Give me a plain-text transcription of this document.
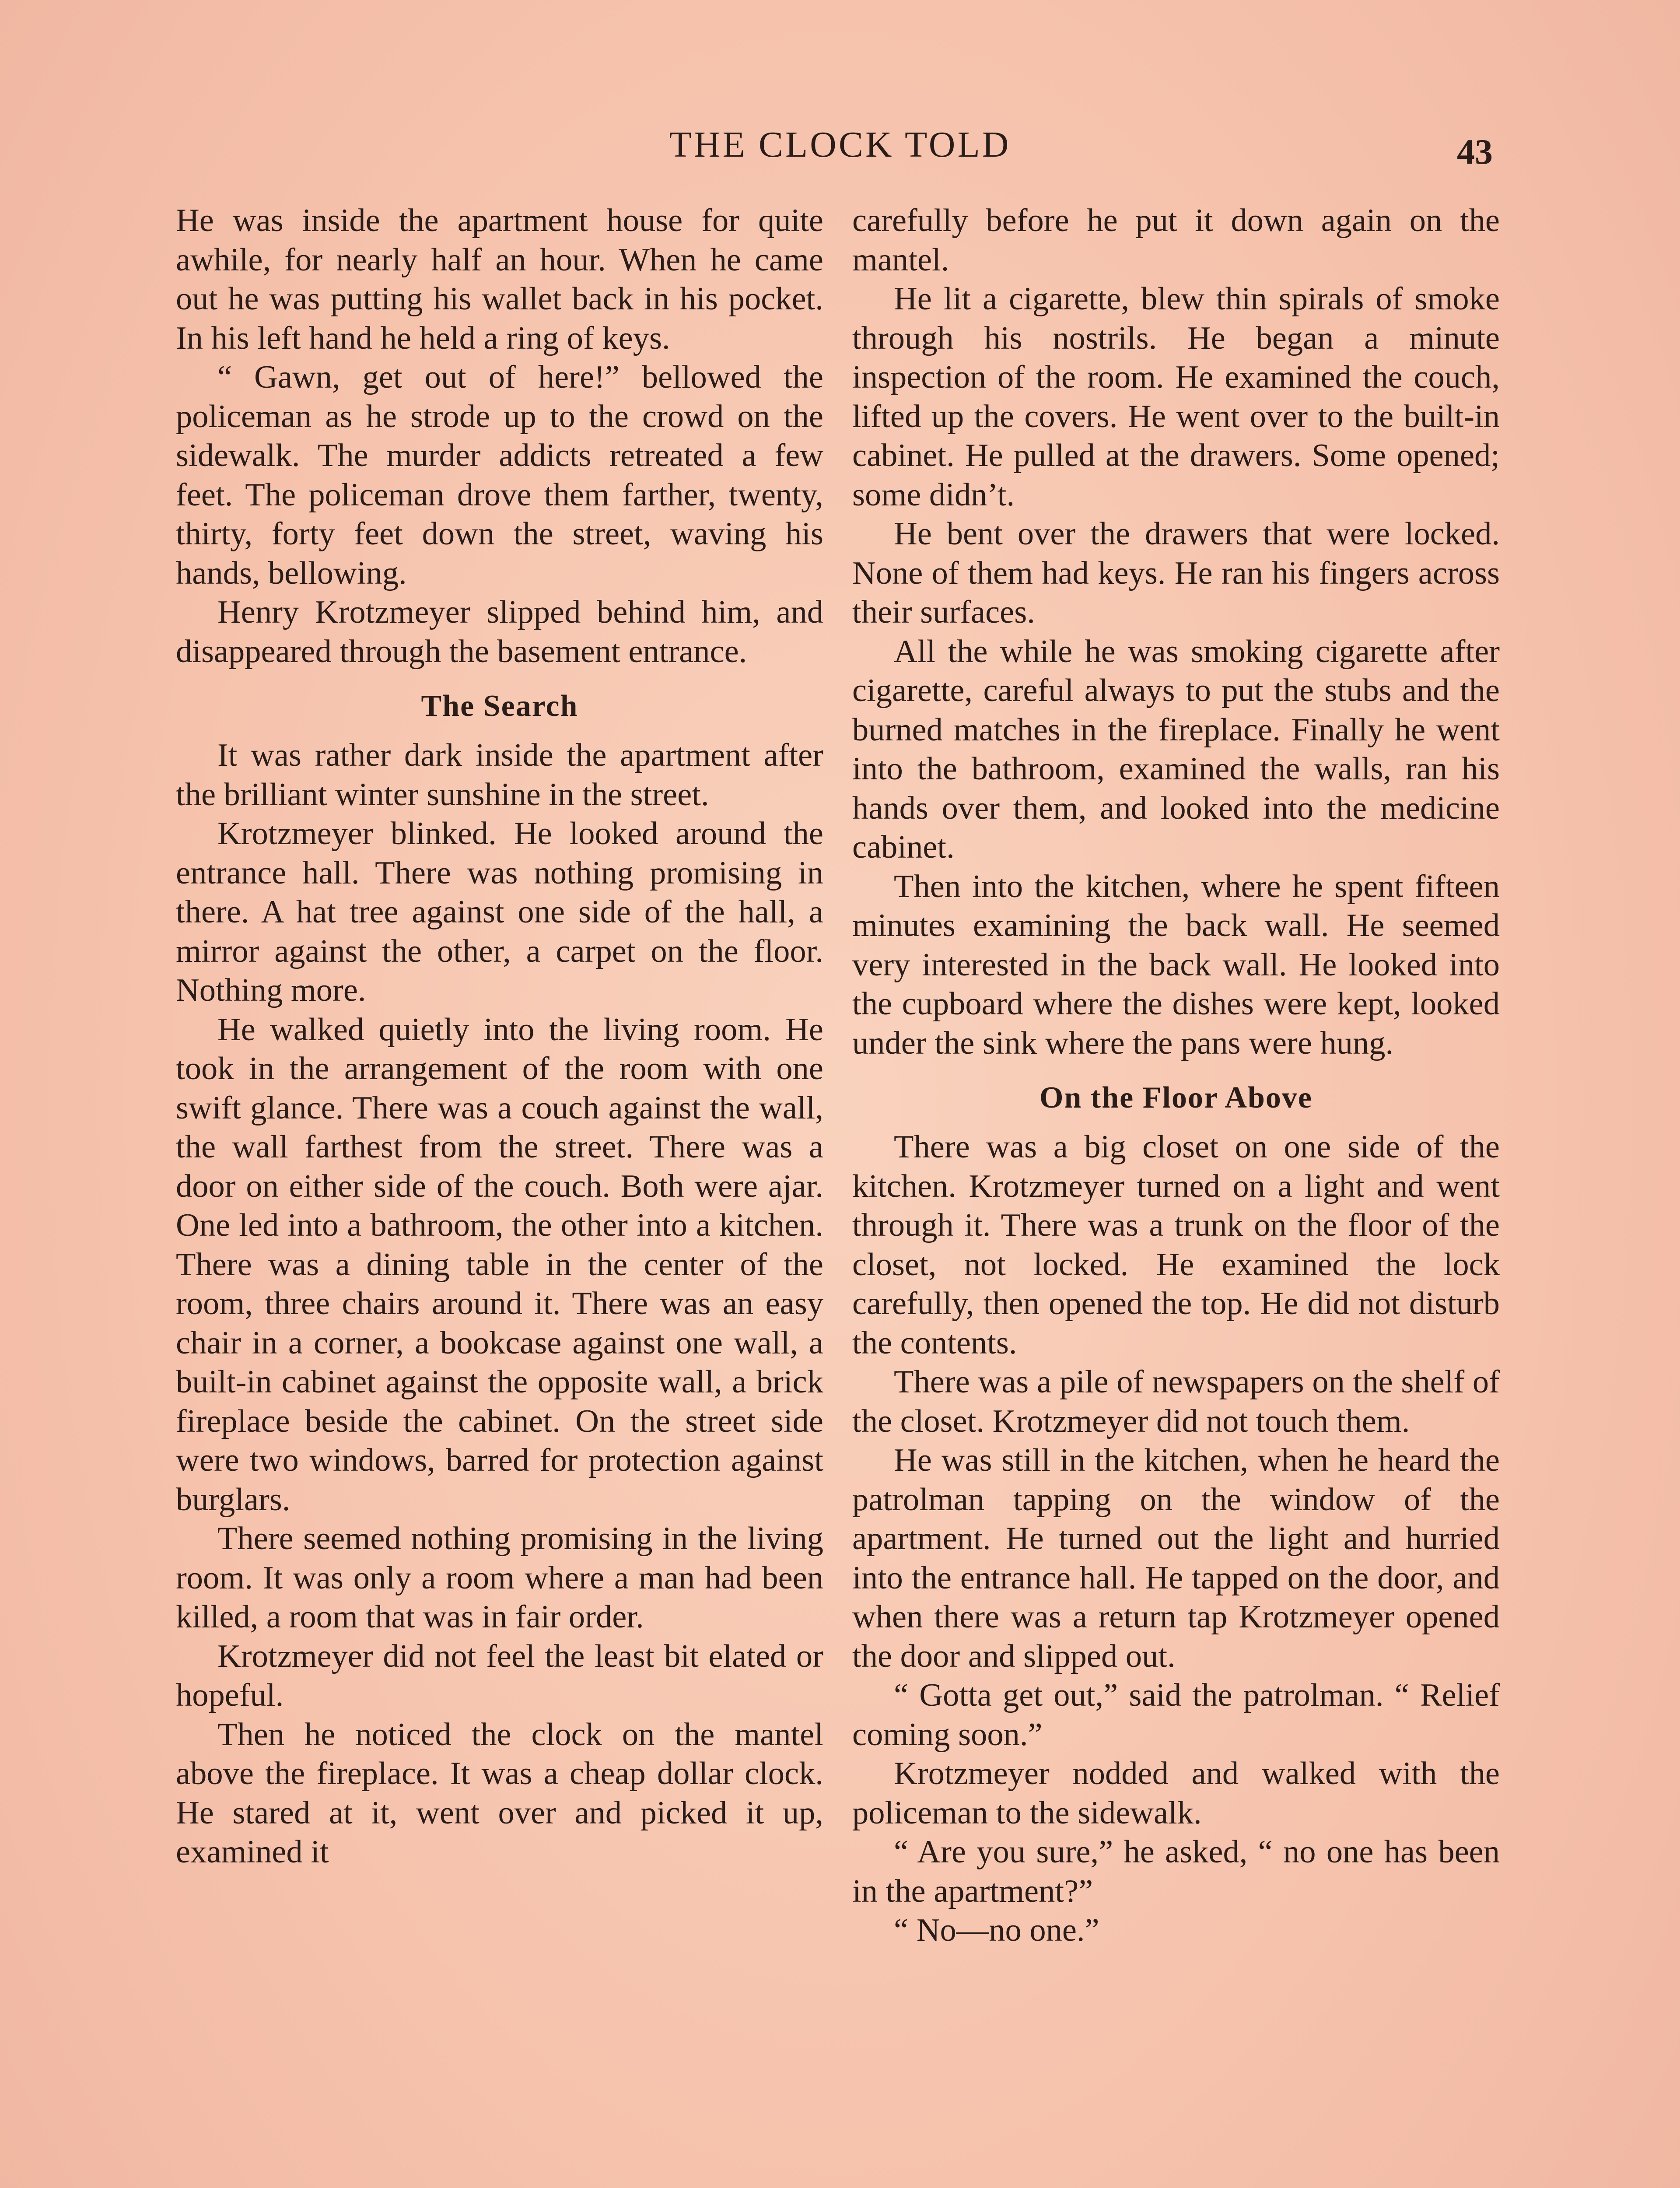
THE CLOCK TOLD	43

He was inside the apartment house for quite awhile, for nearly half an hour. When he came out he was putting his wallet back in his pocket. In his left hand he held a ring of keys.

“ Gawn, get out of here!” bellowed the policeman as he strode up to the crowd on the sidewalk. The murder addicts retreated a few feet. The policeman drove them farther, twenty, thirty, forty feet down the street, waving his hands, bellowing.

Henry Krotzmeyer slipped behind him, and disappeared through the basement entrance.

The Search

It was rather dark inside the apartment after the brilliant winter sunshine in the street.

Krotzmeyer blinked. He looked around the entrance hall. There was nothing promising in there. A hat tree against one side of the hall, a mirror against the other, a carpet on the floor. Nothing more.

He walked quietly into the living room. He took in the arrangement of the room with one swift glance. There was a couch against the wall, the wall farthest from the street. There was a door on either side of the couch. Both were ajar. One led into a bathroom, the other into a kitchen. There was a dining table in the center of the room, three chairs around it. There was an easy chair in a corner, a bookcase against one wall, a built-in cabinet against the opposite wall, a brick fireplace beside the cabinet. On the street side were two windows, barred for protection against burglars.

There seemed nothing promising in the living room. It was only a room where a man had been killed, a room that was in fair order.

Krotzmeyer did not feel the least bit elated or hopeful.

Then he noticed the clock on the mantel above the fireplace. It was a cheap dollar clock. He stared at it, went over and picked it up, examined it

carefully before he put it down again on the mantel.

He lit a cigarette, blew thin spirals of smoke through his nostrils. He began a minute inspection of the room. He examined the couch, lifted up the covers. He went over to the built-in cabinet. He pulled at the drawers. Some opened; some didn’t.

He bent over the drawers that were locked. None of them had keys. He ran his fingers across their surfaces.

All the while he was smoking cigarette after cigarette, careful always to put the stubs and the burned matches in the fireplace. Finally he went into the bathroom, examined the walls, ran his hands over them, and looked into the medicine cabinet.

Then into the kitchen, where he spent fifteen minutes examining the back wall. He seemed very interested in the back wall. He looked into the cupboard where the dishes were kept, looked under the sink where the pans were hung.

On the Floor Above

There was a big closet on one side of the kitchen. Krotzmeyer turned on a light and went through it. There was a trunk on the floor of the closet, not locked. He examined the lock carefully, then opened the top. He did not disturb the contents.

There was a pile of newspapers on the shelf of the closet. Krotzmeyer did not touch them.

He was still in the kitchen, when he heard the patrolman tapping on the window of the apartment. He turned out the light and hurried into the entrance hall. He tapped on the door, and when there was a return tap Krotzmeyer opened the door and slipped out.

“ Gotta get out,” said the patrolman. “ Relief coming soon.”

Krotzmeyer nodded and walked with the policeman to the sidewalk.

“ Are you sure,” he asked, “ no one has been in the apartment?”

“ No—no one.”
